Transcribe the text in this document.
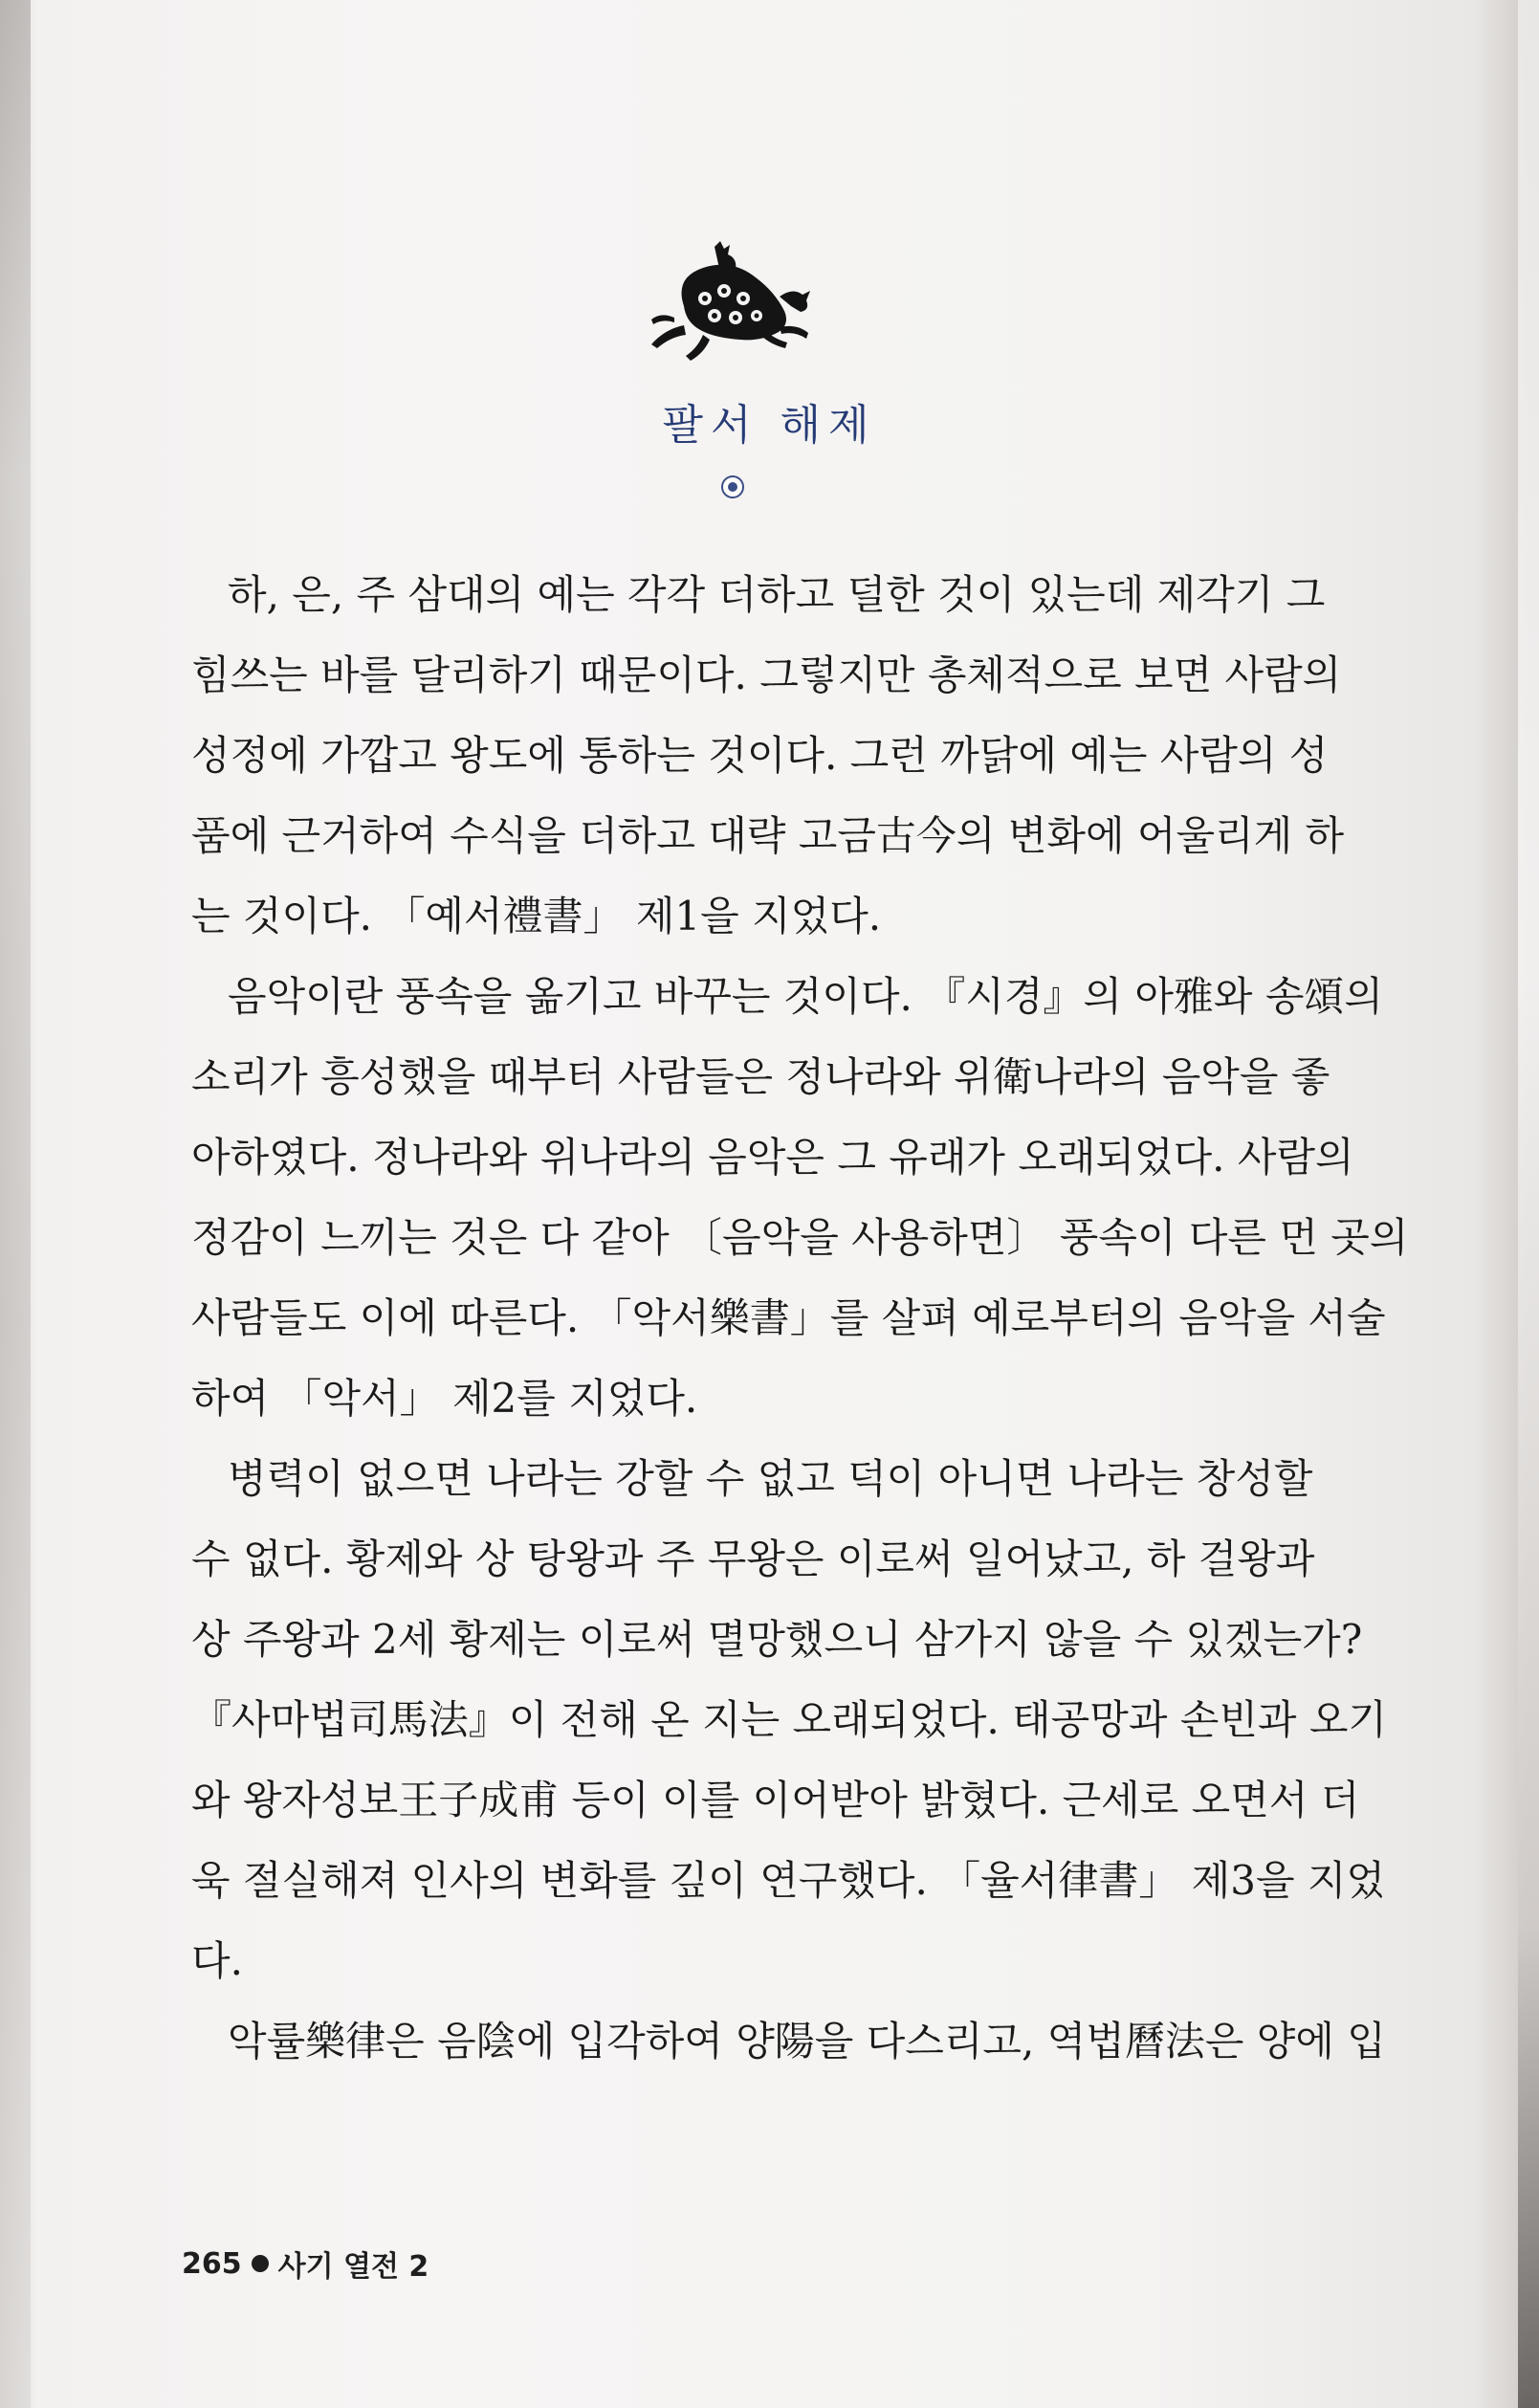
팔서 해제
하, 은, 주 삼대의 예는 각각 더하고 덜한 것이 있는데 제각기 그
힘쓰는 바를 달리하기 때문이다. 그렇지만 총체적으로 보면 사람의
성정에 가깝고 왕도에 통하는 것이다. 그런 까닭에 예는 사람의 성
품에 근거하여 수식을 더하고 대략 고금古今의 변화에 어울리게 하
는 것이다. 「예서禮書」 제1을 지었다.
음악이란 풍속을 옮기고 바꾸는 것이다. 『시경』의 아雅와 송頌의
소리가 흥성했을 때부터 사람들은 정나라와 위衛나라의 음악을 좋
아하였다. 정나라와 위나라의 음악은 그 유래가 오래되었다. 사람의
정감이 느끼는 것은 다 같아 〔음악을 사용하면〕 풍속이 다른 먼 곳의
사람들도 이에 따른다. 「악서樂書」를 살펴 예로부터의 음악을 서술
하여 「악서」 제2를 지었다.
병력이 없으면 나라는 강할 수 없고 덕이 아니면 나라는 창성할
수 없다. 황제와 상 탕왕과 주 무왕은 이로써 일어났고, 하 걸왕과
상 주왕과 2세 황제는 이로써 멸망했으니 삼가지 않을 수 있겠는가?
『사마법司馬法』이 전해 온 지는 오래되었다. 태공망과 손빈과 오기
와 왕자성보王子成甫 등이 이를 이어받아 밝혔다. 근세로 오면서 더
욱 절실해져 인사의 변화를 깊이 연구했다. 「율서律書」 제3을 지었
다.
악률樂律은 음陰에 입각하여 양陽을 다스리고, 역법曆法은 양에 입
265 사기 열전 2
